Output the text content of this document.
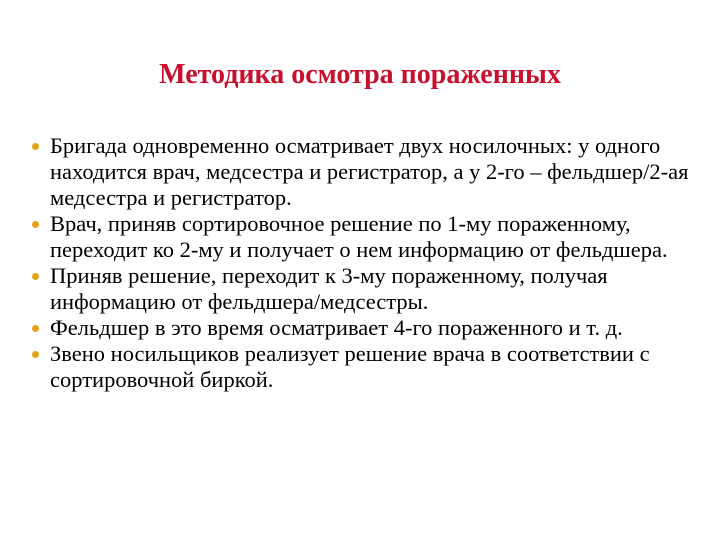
Методика осмотра пораженных
Бригада одновременно осматривает двух носилочных: у одного находится врач, медсестра и регистратор, а у 2-го – фельдшер/2-ая медсестра и регистратор.
Врач, приняв сортировочное решение по 1-му пораженному, переходит ко 2-му и получает о нем информацию от фельдшера.
Приняв решение, переходит к 3-му пораженному, получая информацию от фельдшера/медсестры.
Фельдшер в это время осматривает 4-го пораженного и т. д.
Звено носильщиков реализует решение врача в соответствии с сортировочной биркой.
